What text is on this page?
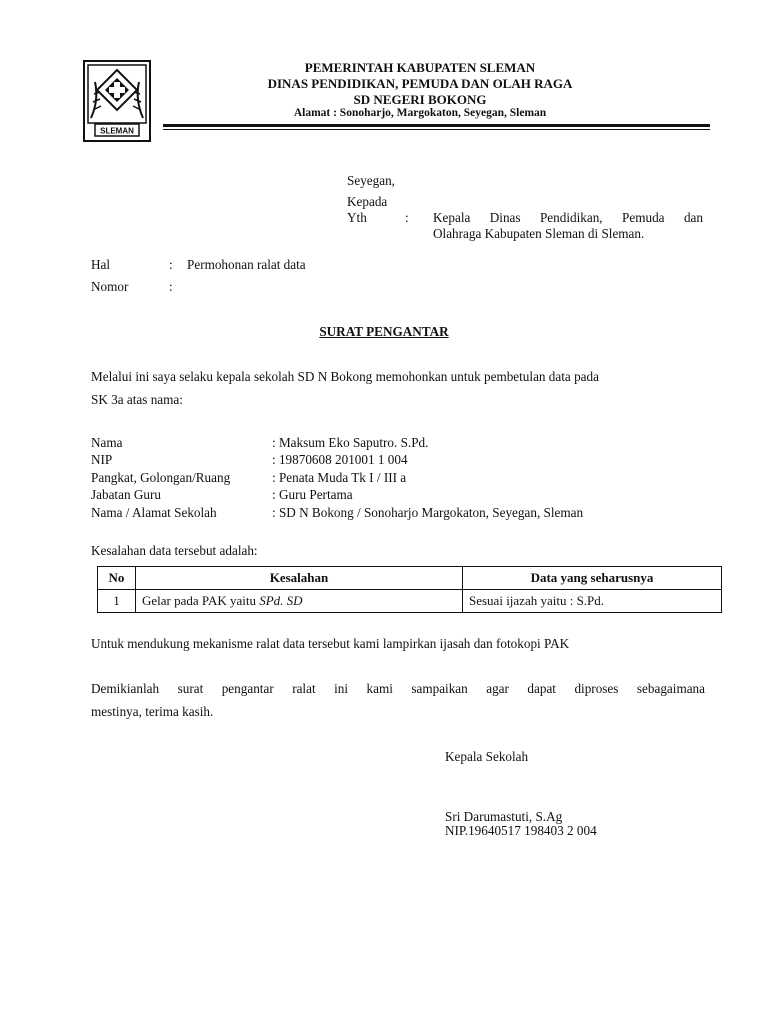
SLEMAN
PEMERINTAH KABUPATEN SLEMAN
DINAS PENDIDIKAN, PEMUDA DAN OLAH RAGA
SD NEGERI BOKONG
Alamat : Sonoharjo, Margokaton, Seyegan, Sleman
Seyegan,
Kepada
Yth	: Kepala Dinas Pendidikan, Pemuda dan
Olahraga Kabupaten Sleman di Sleman.
Hal	: Permohonan ralat data
Nomor	:
SURAT PENGANTAR
Melalui ini saya selaku kepala sekolah SD N Bokong memohonkan untuk pembetulan data pada
SK 3a atas nama:
Nama	: Maksum Eko Saputro. S.Pd.
NIP	: 19870608 201001 1 004
Pangkat, Golongan/Ruang	: Penata Muda Tk I / III a
Jabatan Guru	: Guru Pertama
Nama / Alamat Sekolah	: SD N Bokong / Sonoharjo Margokaton, Seyegan, Sleman
Kesalahan data tersebut adalah:
No	Kesalahan	Data yang seharusnya
1	Gelar pada PAK yaitu SPd. SD	Sesuai ijazah yaitu : S.Pd.
Untuk mendukung mekanisme ralat data tersebut kami lampirkan ijasah dan fotokopi PAK
Demikianlah surat pengantar ralat ini kami sampaikan agar dapat diproses sebagaimana
mestinya, terima kasih.
Kepala Sekolah
Sri Darumastuti, S.Ag
NIP.19640517 198403 2 004
